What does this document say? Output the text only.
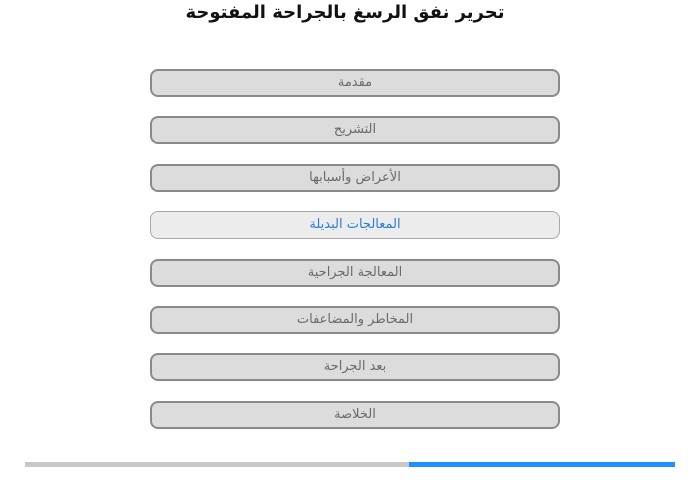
تحرير نفق الرسغ بالجراحة المفتوحة
مقدمة
التشريح
الأعراض وأسبابها
المعالجات البديلة
المعالجة الجراحية
المخاطر والمضاعفات
بعد الجراحة
الخلاصة
